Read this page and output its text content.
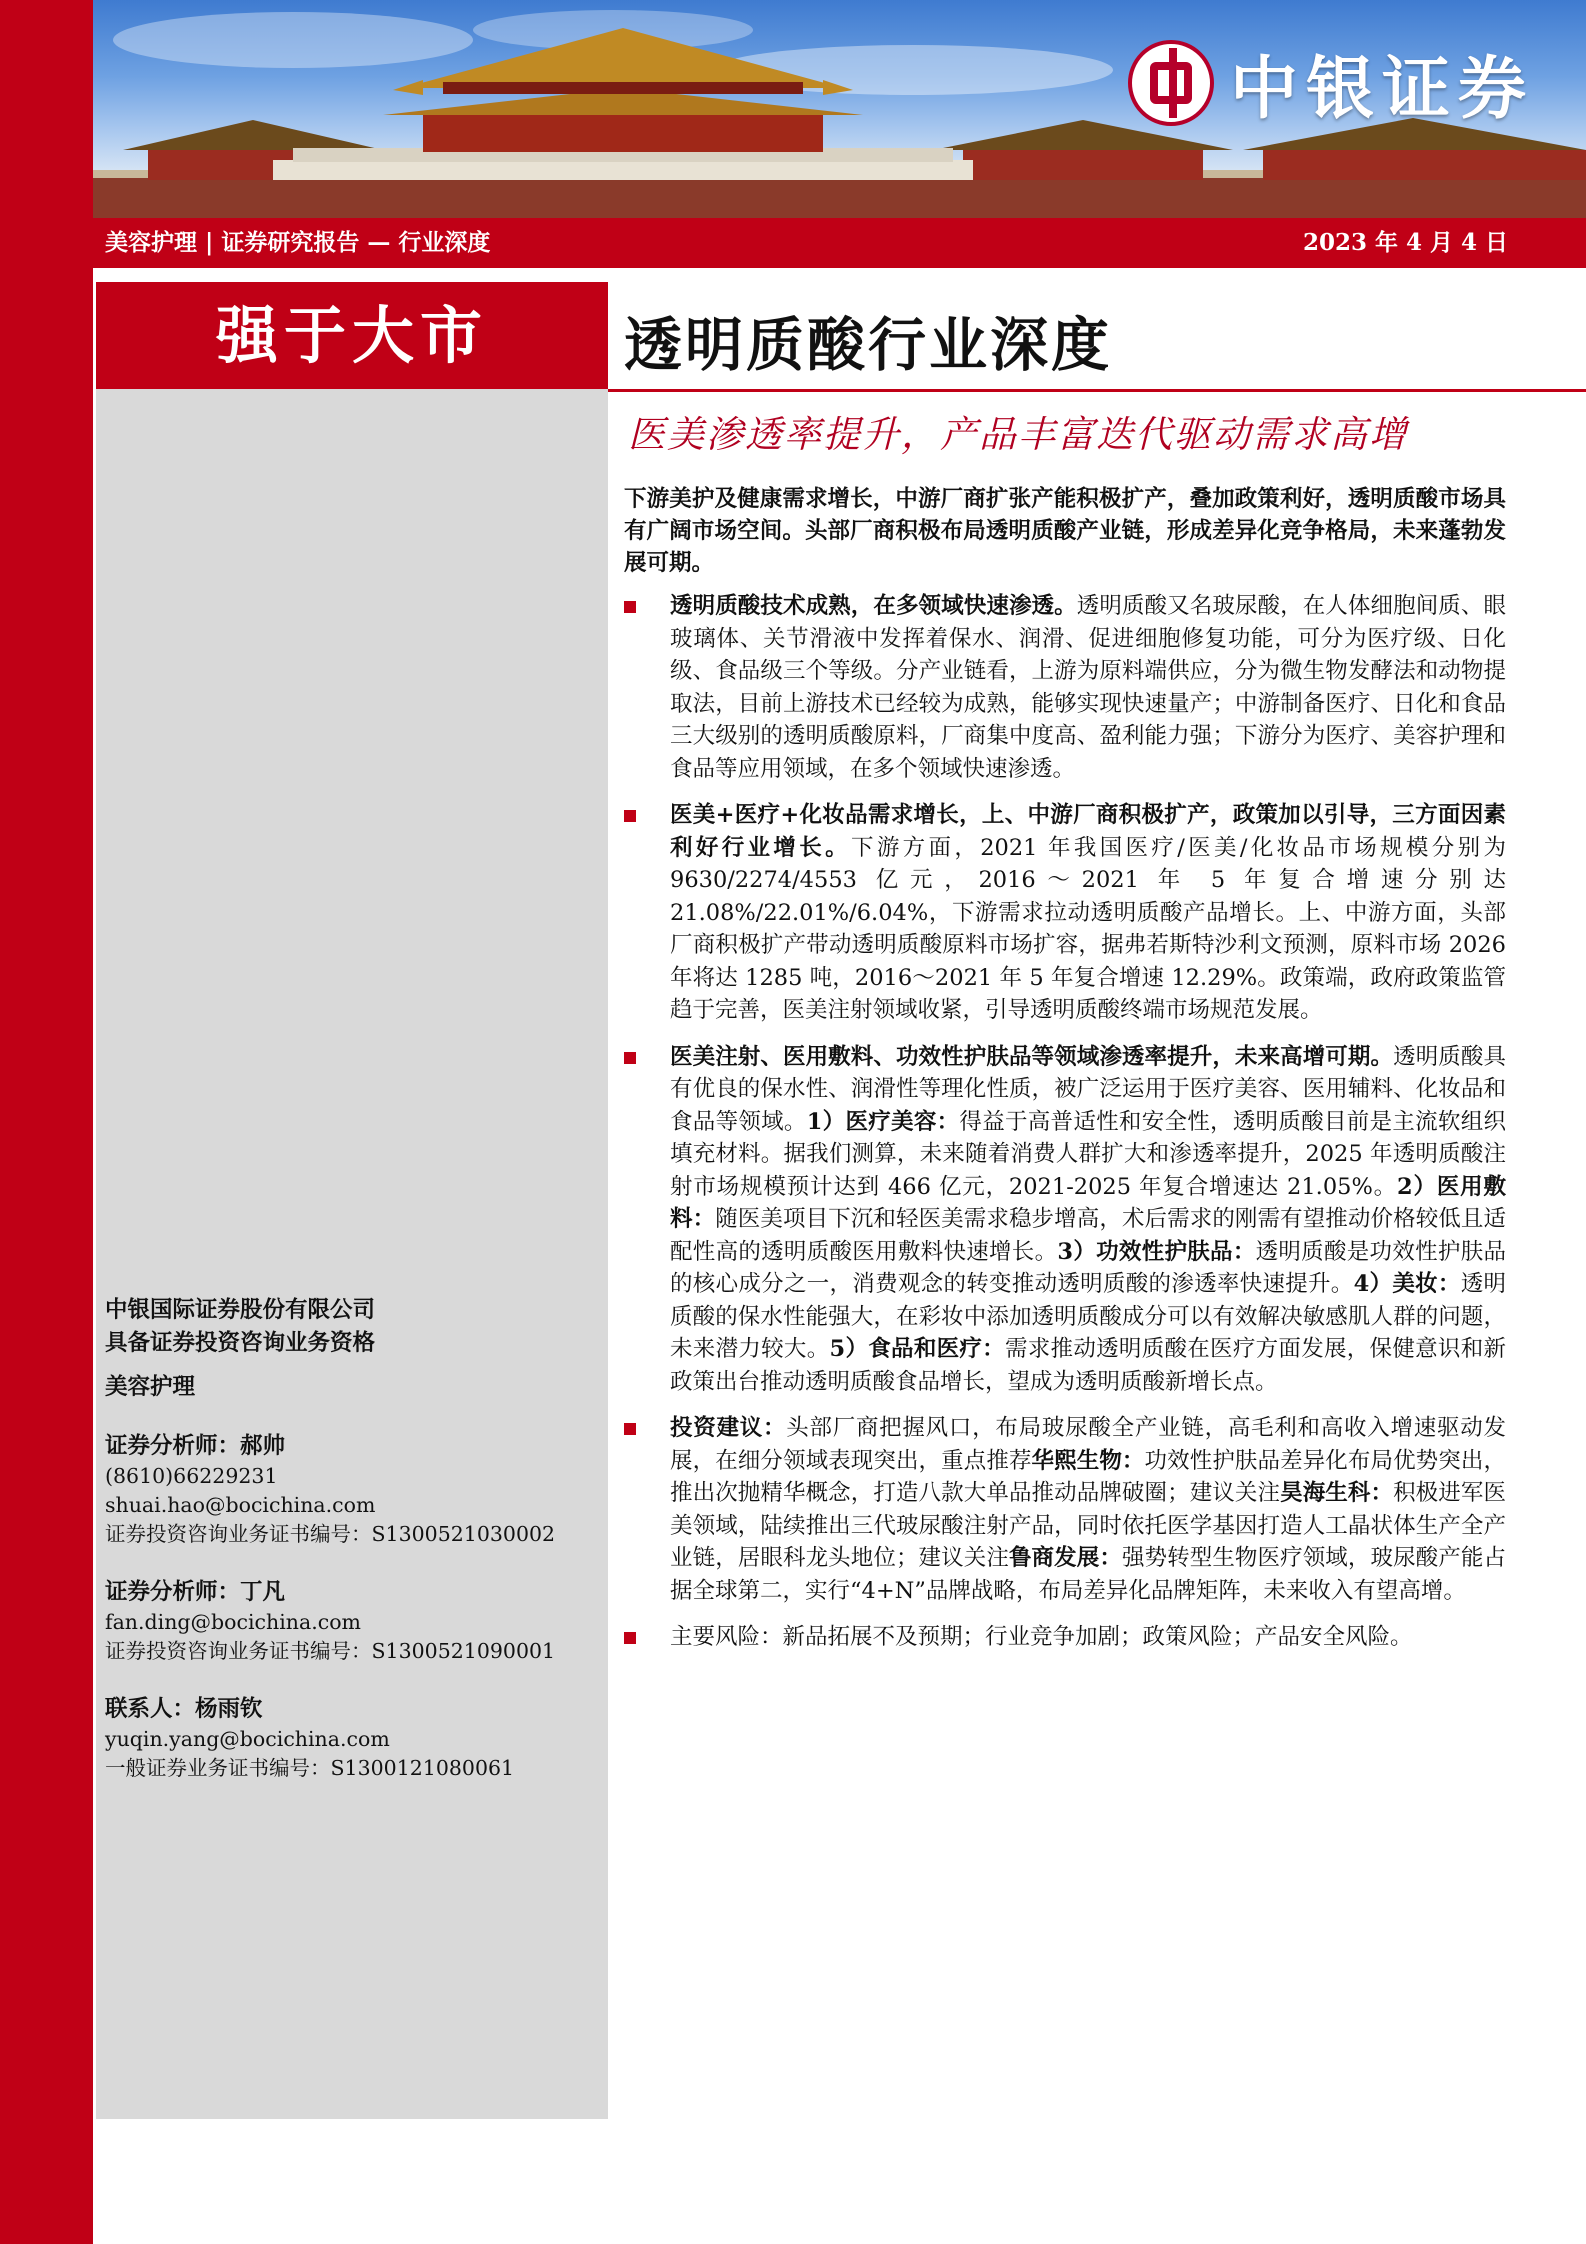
中银证券
美容护理 | 证券研究报告 — 行业深度	2023 年 4 月 4 日
强于大市	透明质酸行业深度
医美渗透率提升，产品丰富迭代驱动需求高增
下游美护及健康需求增长，中游厂商扩张产能积极扩产，叠加政策利好，透明质酸市场具有广阔市场空间。头部厂商积极布局透明质酸产业链，形成差异化竞争格局，未来蓬勃发展可期。
透明质酸技术成熟，在多领域快速渗透。透明质酸又名玻尿酸，在人体细胞间质、眼玻璃体、关节滑液中发挥着保水、润滑、促进细胞修复功能，可分为医疗级、日化级、食品级三个等级。分产业链看，上游为原料端供应，分为微生物发酵法和动物提取法，目前上游技术已经较为成熟，能够实现快速量产；中游制备医疗、日化和食品三大级别的透明质酸原料，厂商集中度高、盈利能力强；下游分为医疗、美容护理和食品等应用领域，在多个领域快速渗透。
医美+医疗+化妆品需求增长，上、中游厂商积极扩产，政策加以引导，三方面因素利好行业增长。下游方面，2021 年我国医疗/医美/化妆品市场规模分别为 9630/2274/4553 亿元，2016～2021 年 5 年复合增速分别达 21.08%/22.01%/6.04%，下游需求拉动透明质酸产品增长。上、中游方面，头部厂商积极扩产带动透明质酸原料市场扩容，据弗若斯特沙利文预测，原料市场 2026 年将达 1285 吨，2016～2021 年 5 年复合增速 12.29%。政策端，政府政策监管趋于完善，医美注射领域收紧，引导透明质酸终端市场规范发展。
医美注射、医用敷料、功效性护肤品等领域渗透率提升，未来高增可期。透明质酸具有优良的保水性、润滑性等理化性质，被广泛运用于医疗美容、医用辅料、化妆品和食品等领域。1）医疗美容：得益于高普适性和安全性，透明质酸目前是主流软组织填充材料。据我们测算，未来随着消费人群扩大和渗透率提升，2025 年透明质酸注射市场规模预计达到 466 亿元，2021-2025 年复合增速达 21.05%。2）医用敷料：随医美项目下沉和轻医美需求稳步增高，术后需求的刚需有望推动价格较低且适配性高的透明质酸医用敷料快速增长。3）功效性护肤品：透明质酸是功效性护肤品的核心成分之一，消费观念的转变推动透明质酸的渗透率快速提升。4）美妆：透明质酸的保水性能强大，在彩妆中添加透明质酸成分可以有效解决敏感肌人群的问题，未来潜力较大。5）食品和医疗：需求推动透明质酸在医疗方面发展，保健意识和新政策出台推动透明质酸食品增长，望成为透明质酸新增长点。
投资建议：头部厂商把握风口，布局玻尿酸全产业链，高毛利和高收入增速驱动发展，在细分领域表现突出，重点推荐华熙生物：功效性护肤品差异化布局优势突出，推出次抛精华概念，打造八款大单品推动品牌破圈；建议关注昊海生科：积极进军医美领域，陆续推出三代玻尿酸注射产品，同时依托医学基因打造人工晶状体生产全产业链，居眼科龙头地位；建议关注鲁商发展：强势转型生物医疗领域，玻尿酸产能占据全球第二，实行“4+N”品牌战略，布局差异化品牌矩阵，未来收入有望高增。
主要风险：新品拓展不及预期；行业竞争加剧；政策风险；产品安全风险。
中银国际证券股份有限公司
具备证券投资咨询业务资格
美容护理
证券分析师：郝帅
(8610)66229231
shuai.hao@bocichina.com
证券投资咨询业务证书编号：S1300521030002
证券分析师：丁凡
fan.ding@bocichina.com
证券投资咨询业务证书编号：S1300521090001
联系人：杨雨钦
yuqin.yang@bocichina.com
一般证券业务证书编号：S1300121080061
